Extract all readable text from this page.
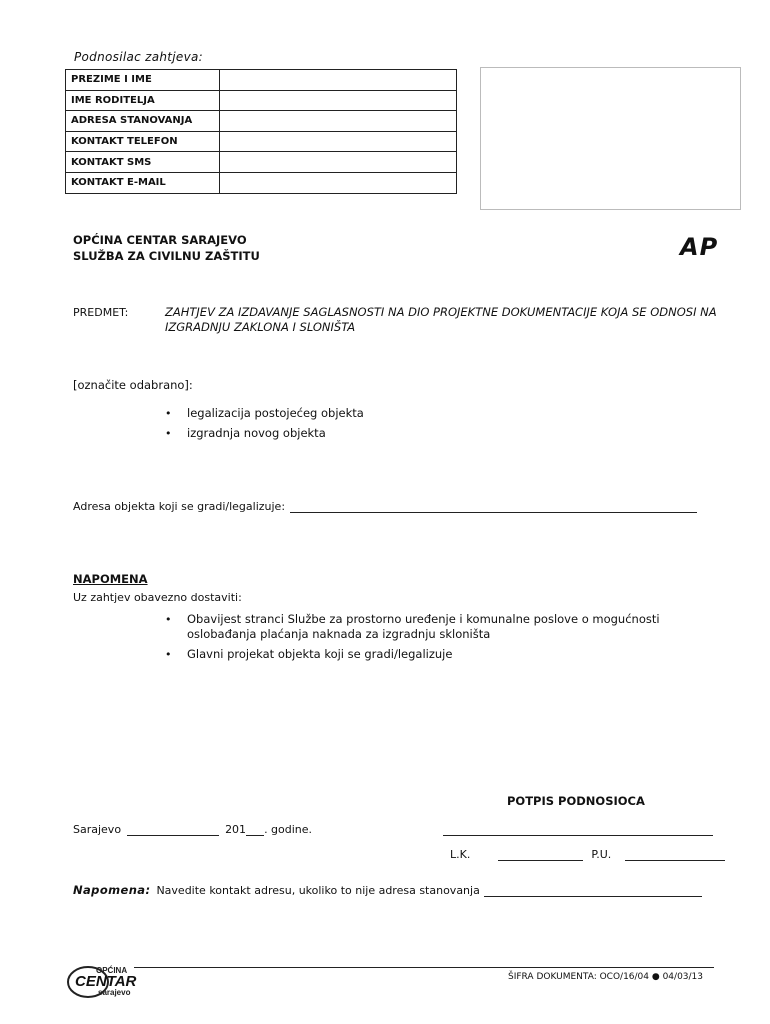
Podnosilac zahtjeva:
PREZIME I IME	
IME RODITELJA	
ADRESA STANOVANJA	
KONTAKT TELEFON	
KONTAKT SMS	
KONTAKT E-MAIL	
OPĆINA CENTAR SARAJEVO
SLUŽBA ZA CIVILNU ZAŠTITU	AP
PREDMET:	ZAHTJEV ZA IZDAVANJE SAGLASNOSTI NA DIO PROJEKTNE DOKUMENTACIJE KOJA SE ODNOSI NA IZGRADNJU ZAKLONA I SLONIŠTA
[označite odabrano]:
• legalizacija postojećeg objekta
• izgradnja novog objekta
Adresa objekta koji se gradi/legalizuje:
NAPOMENA
Uz zahtjev obavezno dostaviti:
• Obavijest stranci Službe za prostorno uređenje i komunalne poslove o mogućnosti oslobađanja plaćanja naknada za izgradnju skloništa
• Glavni projekat objekta koji se gradi/legalizuje
POTPIS PODNOSIOCA
Sarajevo	201 . godine.
L.K.	P.U.
Napomena: Navedite kontakt adresu, ukoliko to nije adresa stanovanja
OPĆINA
CENTAR
sarajevo
ŠIFRA DOKUMENTA: OCO/16/04 ● 04/03/13
